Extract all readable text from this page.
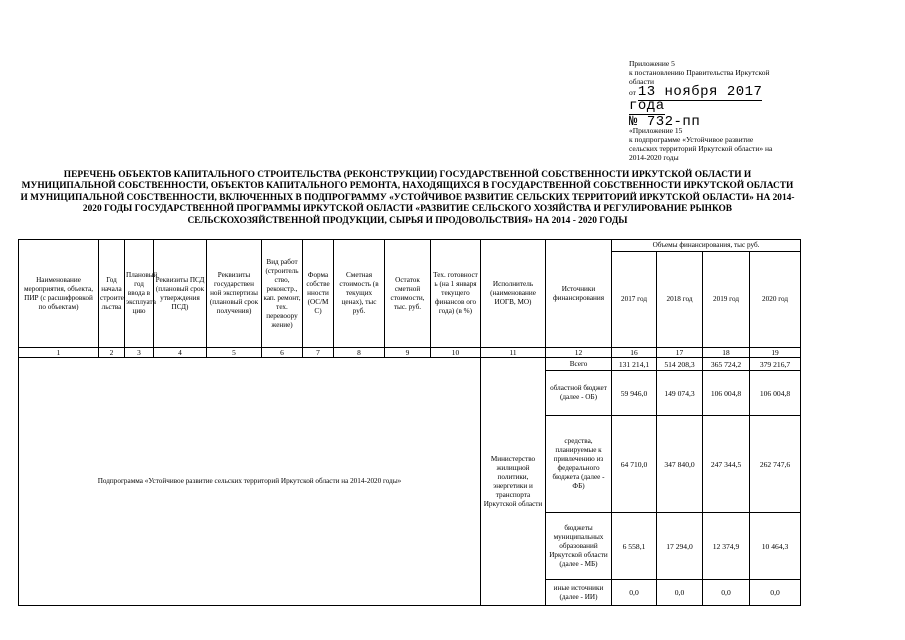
Приложение 5
к постановлению Правительства Иркутской
области
от 13 ноября 2017 года
№ 732-пп
«Приложение 15
к подпрограмме «Устойчивое развитие
сельских территорий Иркутской области» на
2014-2020 годы
ПЕРЕЧЕНЬ ОБЪЕКТОВ КАПИТАЛЬНОГО СТРОИТЕЛЬСТВА (РЕКОНСТРУКЦИИ) ГОСУДАРСТВЕННОЙ СОБСТВЕННОСТИ ИРКУТСКОЙ ОБЛАСТИ И МУНИЦИПАЛЬНОЙ СОБСТВЕННОСТИ, ОБЪЕКТОВ КАПИТАЛЬНОГО РЕМОНТА, НАХОДЯЩИХСЯ В ГОСУДАРСТВЕННОЙ СОБСТВЕННОСТИ ИРКУТСКОЙ ОБЛАСТИ И МУНИЦИПАЛЬНОЙ СОБСТВЕННОСТИ, ВКЛЮЧЕННЫХ В ПОДПРОГРАММУ «УСТОЙЧИВОЕ РАЗВИТИЕ СЕЛЬСКИХ ТЕРРИТОРИЙ ИРКУТСКОЙ ОБЛАСТИ» НА 2014-2020 ГОДЫ ГОСУДАРСТВЕННОЙ ПРОГРАММЫ ИРКУТСКОЙ ОБЛАСТИ «РАЗВИТИЕ СЕЛЬСКОГО ХОЗЯЙСТВА И РЕГУЛИРОВАНИЕ РЫНКОВ СЕЛЬСКОХОЗЯЙСТВЕННОЙ ПРОДУКЦИИ, СЫРЬЯ И ПРОДОВОЛЬСТВИЯ» НА 2014 - 2020 ГОДЫ
Наименование мероприятия, объекта, ПИР (с расшифровкой по объектам)	Год начала строите льства	Плановый год ввода в эксплуата цию	Реквизиты ПСД (плановый срок утверждения ПСД)	Реквизиты государствен ной экспертизы (плановый срок получения)	Вид работ (строитель ство, реконстр., кап. ремонт, тех. перевоору жение)	Форма собстве нности (ОС/М С)	Сметная стоимость (в текущих ценах), тыс руб.	Остаток сметной стоимости, тыс. руб.	Тех. готовност ь (на 1 января текущего финансов ого года) (в %)	Исполнитель (наименование ИОГВ, МО)	Источники финансирования	Объемы финансирования, тыс руб.			
												2017 год	2018 год	2019 год	2020 год
1	2	3	4	5	6	7	8	9	10	11	12	16	17	18	19
Подпрограмма «Устойчивое развитие сельских территорий Иркутской области на 2014-2020 годы»										Министерство жилищной политики, энергетики и транспорта Иркутской области	Всего	131 214,1	514 208,3	365 724,2	379 216,7
											областной бюджет (далее - ОБ)	59 946,0	149 074,3	106 004,8	106 004,8
											средства, планируемые к привлечению из федерального бюджета (далее - ФБ)	64 710,0	347 840,0	247 344,5	262 747,6
											бюджеты муниципальных образований Иркутской области (далее - МБ)	6 558,1	17 294,0	12 374,9	10 464,3
											иные источники (далее - ИИ)	0,0	0,0	0,0	0,0
